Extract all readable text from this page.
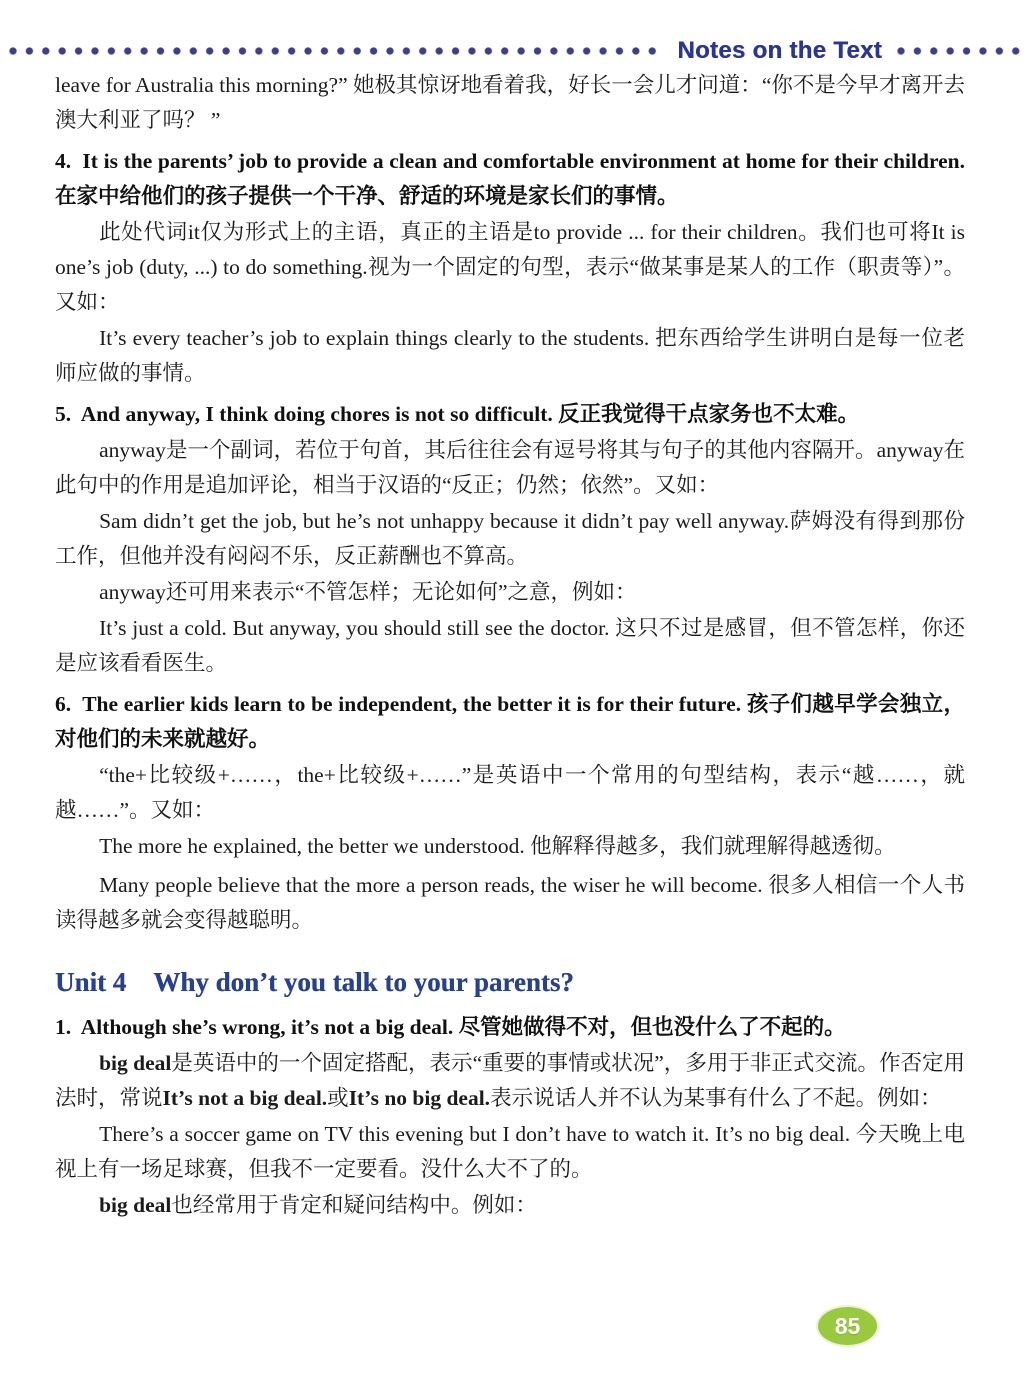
Notes on the Text
leave for Australia this morning?” 她极其惊讶地看着我，好长一会儿才问道：“你不是今早才离开去澳大利亚了吗？ ”
4.  It is the parents’ job to provide a clean and comfortable environment at home for their children. 在家中给他们的孩子提供一个干净、舒适的环境是家长们的事情。
此处代词it仅为形式上的主语，真正的主语是to provide ... for their children。我们也可将It is one’s job (duty, ...) to do something.视为一个固定的句型，表示“做某事是某人的工作（职责等）”。又如：
It’s every teacher’s job to explain things clearly to the students. 把东西给学生讲明白是每一位老师应做的事情。
5.  And anyway, I think doing chores is not so difficult. 反正我觉得干点家务也不太难。
anyway是一个副词，若位于句首，其后往往会有逗号将其与句子的其他内容隔开。anyway在此句中的作用是追加评论，相当于汉语的“反正；仍然；依然”。又如：
Sam didn’t get the job, but he’s not unhappy because it didn’t pay well anyway.萨姆没有得到那份工作，但他并没有闷闷不乐，反正薪酬也不算高。
anyway还可用来表示“不管怎样；无论如何”之意，例如：
It’s just a cold. But anyway, you should still see the doctor. 这只不过是感冒，但不管怎样，你还是应该看看医生。
6.  The earlier kids learn to be independent, the better it is for their future. 孩子们越早学会独立，对他们的未来就越好。
“the+比较级+……，the+比较级+……”是英语中一个常用的句型结构，表示“越……，就越……”。又如：
The more he explained, the better we understood. 他解释得越多，我们就理解得越透彻。
Many people believe that the more a person reads, the wiser he will become. 很多人相信一个人书读得越多就会变得越聪明。
Unit 4 Why don’t you talk to your parents?
1.  Although she’s wrong, it’s not a big deal. 尽管她做得不对，但也没什么了不起的。
big deal是英语中的一个固定搭配，表示“重要的事情或状况”，多用于非正式交流。作否定用法时，常说It’s not a big deal.或It’s no big deal.表示说话人并不认为某事有什么了不起。例如：
There’s a soccer game on TV this evening but I don’t have to watch it. It’s no big deal. 今天晚上电视上有一场足球赛，但我不一定要看。没什么大不了的。
big deal也经常用于肯定和疑问结构中。例如：
85
